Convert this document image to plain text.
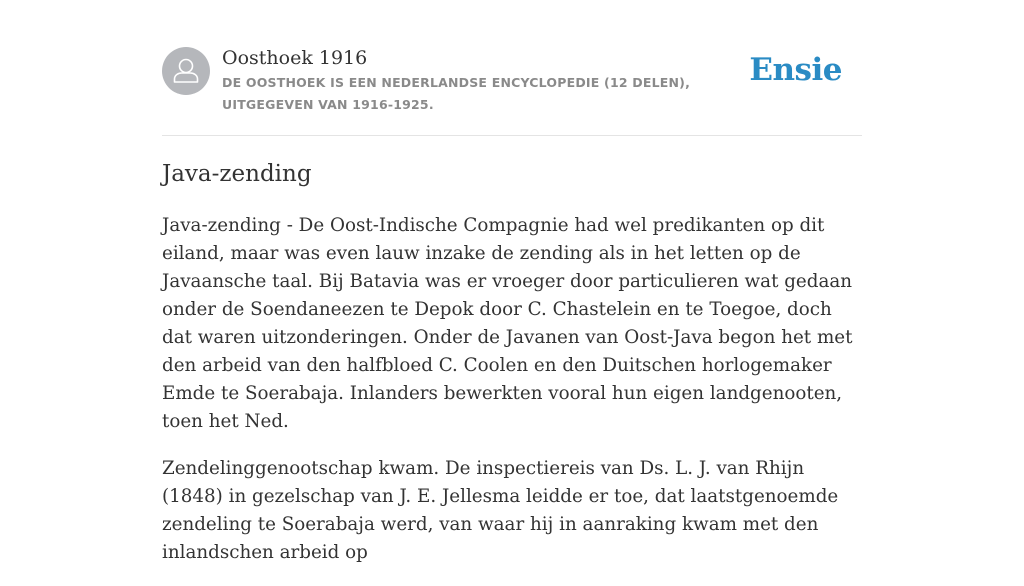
Oosthoek 1916
DE OOSTHOEK IS EEN NEDERLANDSE ENCYCLOPEDIE (12 DELEN), UITGEGEVEN VAN 1916-1925.
Ensie
Java-zending

Java-zending - De Oost-Indische Compagnie had wel predikanten op dit eiland, maar was even lauw inzake de zending als in het letten op de Javaansche taal. Bij Batavia was er vroeger door particulieren wat gedaan onder de Soendaneezen te Depok door C. Chastelein en te Toegoe, doch dat waren uitzonderingen. Onder de Javanen van Oost-Java begon het met den arbeid van den halfbloed C. Coolen en den Duitschen horlogemaker Emde te Soerabaja. Inlanders bewerkten vooral hun eigen landgenooten, toen het Ned.

Zendelinggenootschap kwam. De inspectiereis van Ds. L. J. van Rhijn (1848) in gezelschap van J. E. Jellesma leidde er toe, dat laatstgenoemde zendeling te Soerabaja werd, van waar hij in aanraking kwam met den inlandschen arbeid op
